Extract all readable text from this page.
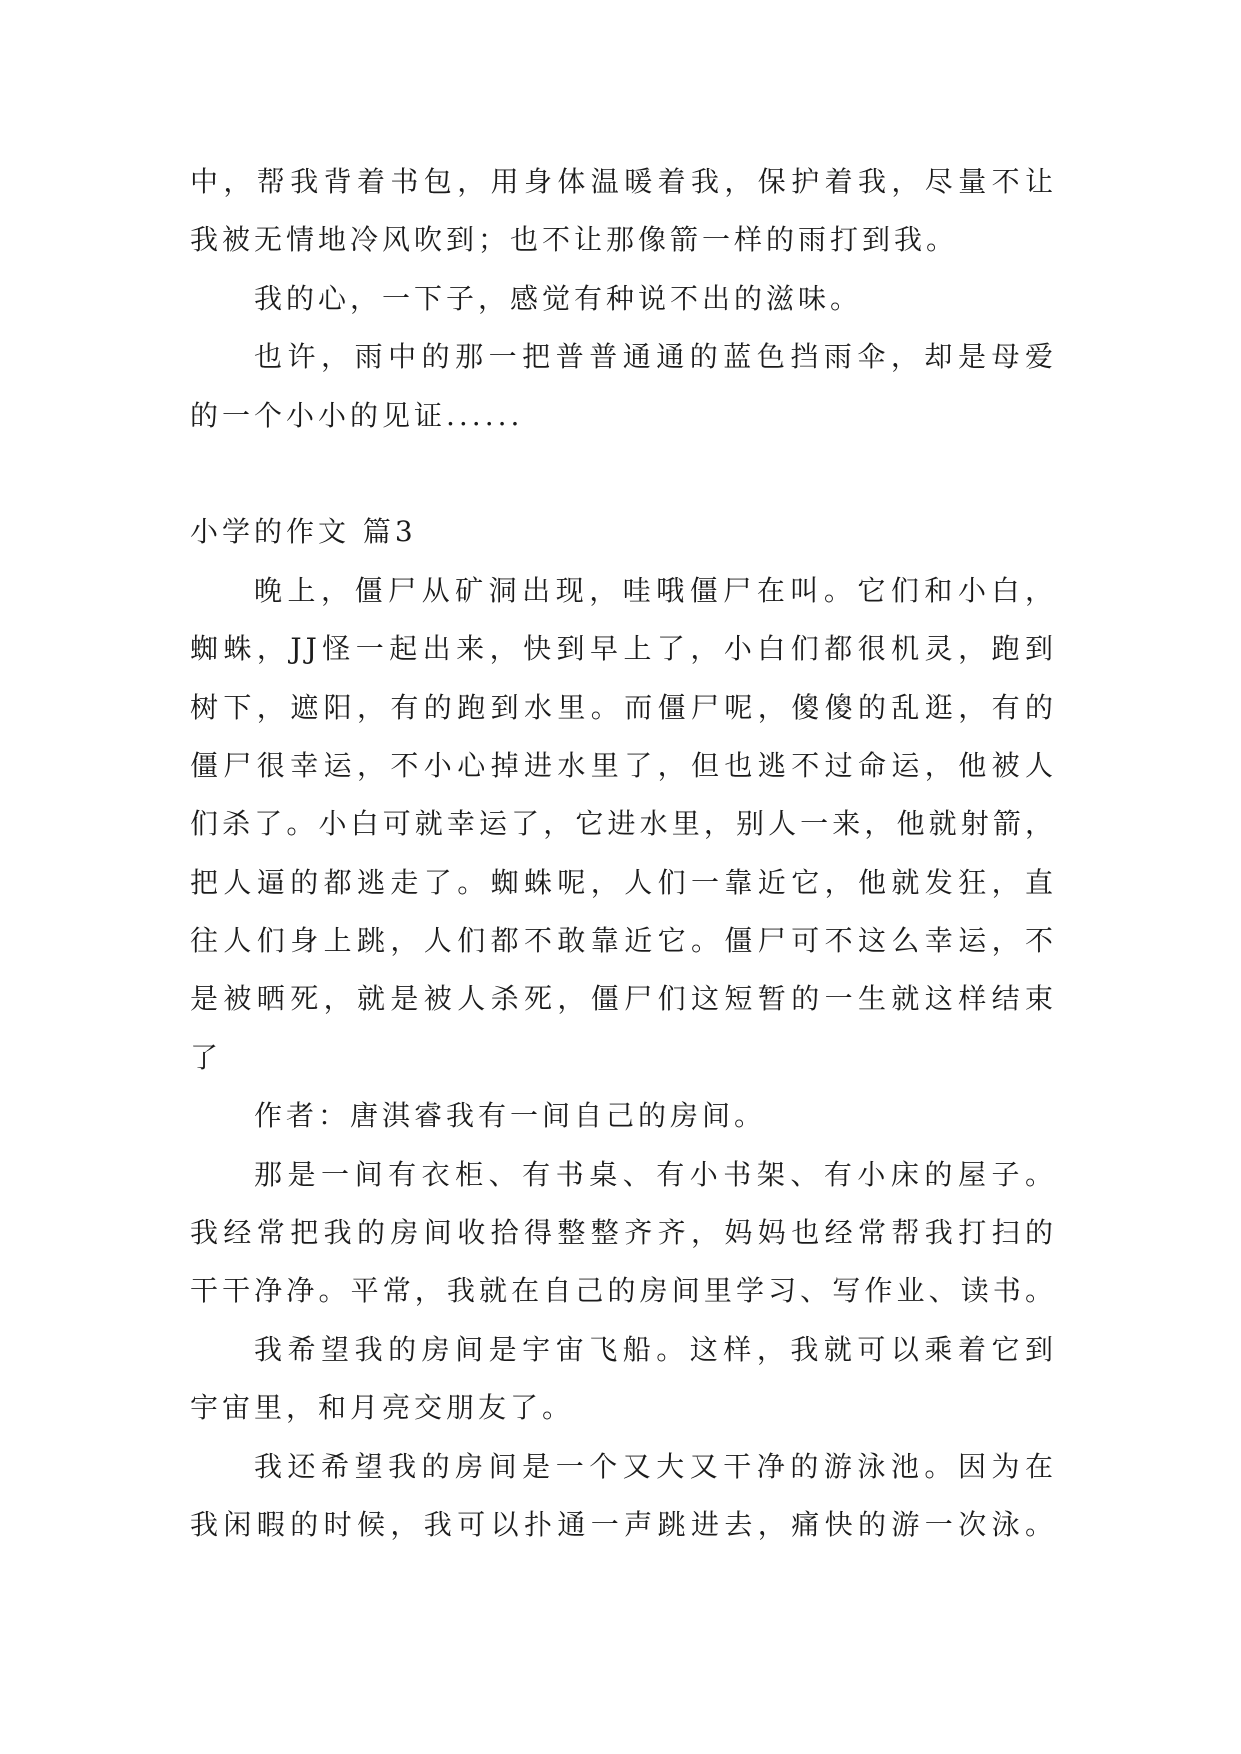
中，帮我背着书包，用身体温暖着我，保护着我，尽量不让
我被无情地冷风吹到；也不让那像箭一样的雨打到我。
我的心，一下子，感觉有种说不出的滋味。
也许，雨中的那一把普普通通的蓝色挡雨伞，却是母爱
的一个小小的见证......
小学的作文 篇3
晚上，僵尸从矿洞出现，哇哦僵尸在叫。它们和小白，
蜘蛛，JJ怪一起出来，快到早上了，小白们都很机灵，跑到
树下，遮阳，有的跑到水里。而僵尸呢，傻傻的乱逛，有的
僵尸很幸运，不小心掉进水里了，但也逃不过命运，他被人
们杀了。小白可就幸运了，它进水里，别人一来，他就射箭，
把人逼的都逃走了。蜘蛛呢，人们一靠近它，他就发狂，直
往人们身上跳，人们都不敢靠近它。僵尸可不这么幸运，不
是被晒死，就是被人杀死，僵尸们这短暂的一生就这样结束
了
作者：唐淇睿我有一间自己的房间。
那是一间有衣柜、有书桌、有小书架、有小床的屋子。
我经常把我的房间收拾得整整齐齐，妈妈也经常帮我打扫的
干干净净。平常，我就在自己的房间里学习、写作业、读书。
我希望我的房间是宇宙飞船。这样，我就可以乘着它到
宇宙里，和月亮交朋友了。
我还希望我的房间是一个又大又干净的游泳池。因为在
我闲暇的时候，我可以扑通一声跳进去，痛快的游一次泳。
